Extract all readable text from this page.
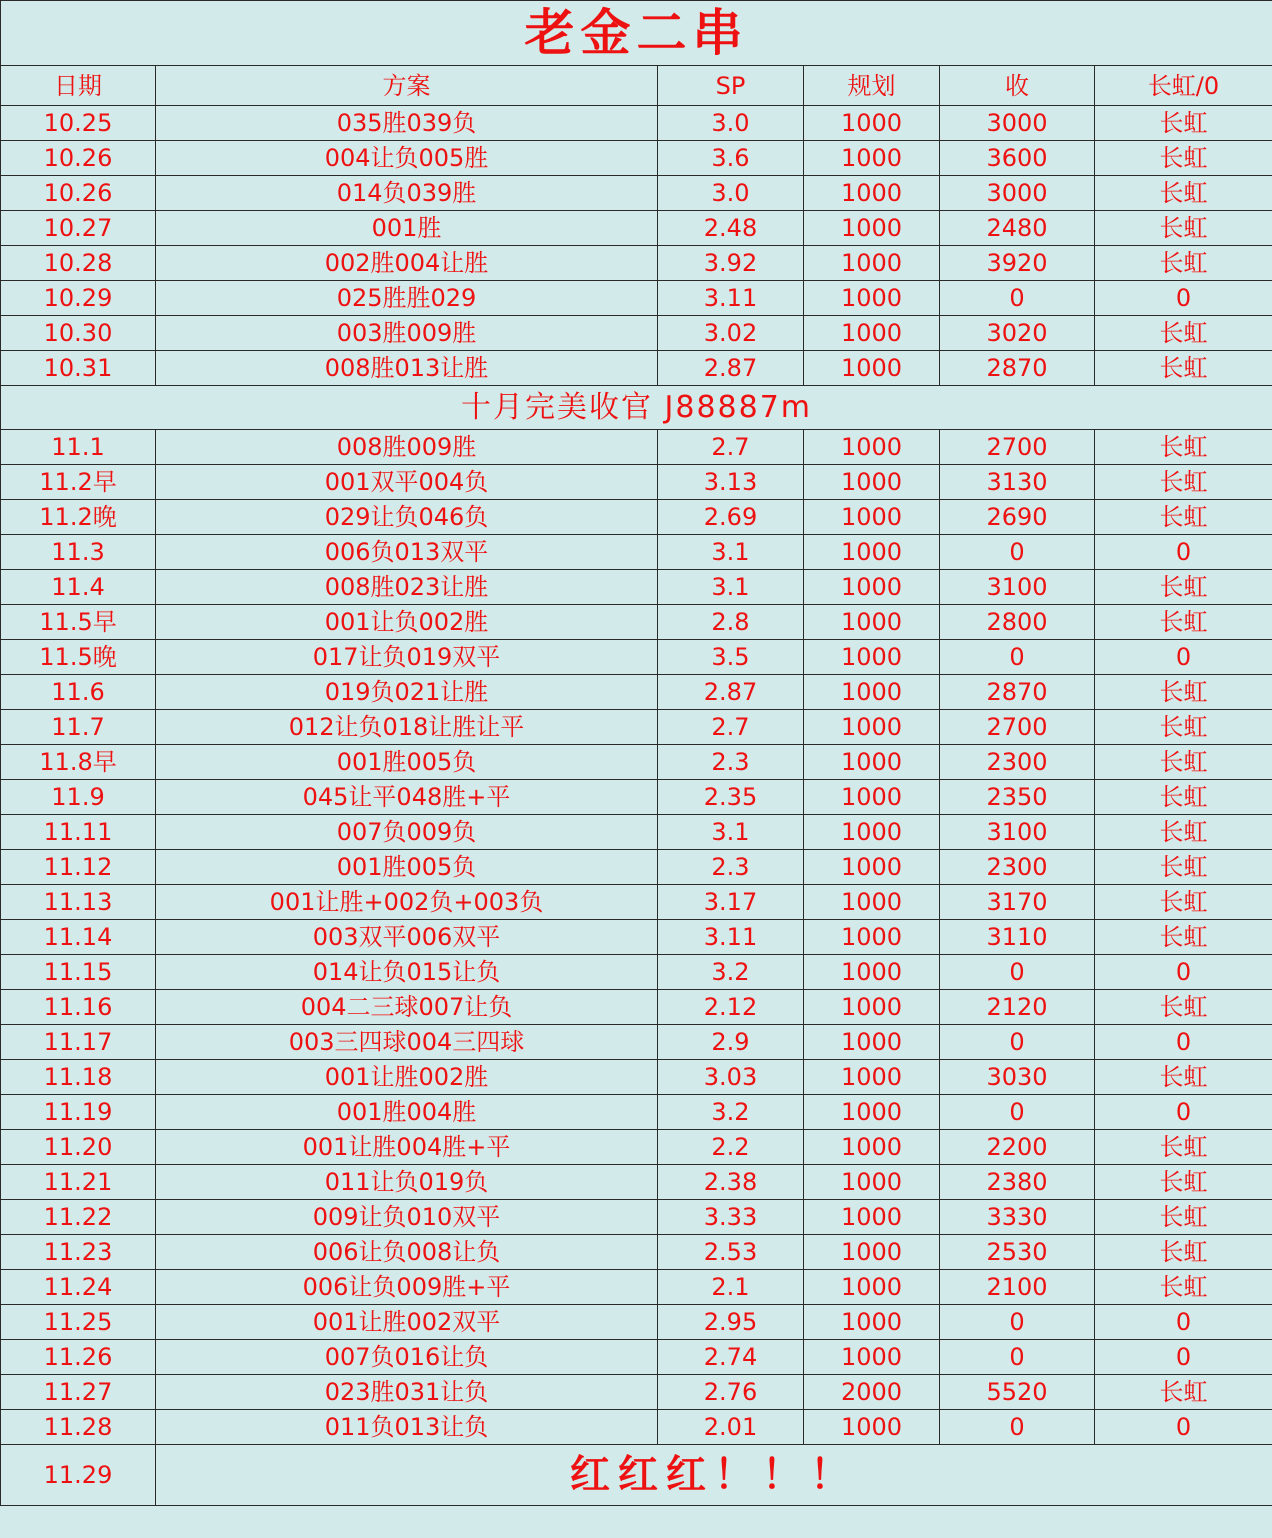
老金二串					
日期	方案	SP	规划	收	长虹/0
10.25	035胜039负	3.0	1000	3000	长虹
10.26	004让负005胜	3.6	1000	3600	长虹
10.26	014负039胜	3.0	1000	3000	长虹
10.27	001胜	2.48	1000	2480	长虹
10.28	002胜004让胜	3.92	1000	3920	长虹
10.29	025胜胜029	3.11	1000	0	0
10.30	003胜009胜	3.02	1000	3020	长虹
10.31	008胜013让胜	2.87	1000	2870	长虹
十月完美收官 J88887m					
11.1	008胜009胜	2.7	1000	2700	长虹
11.2早	001双平004负	3.13	1000	3130	长虹
11.2晚	029让负046负	2.69	1000	2690	长虹
11.3	006负013双平	3.1	1000	0	0
11.4	008胜023让胜	3.1	1000	3100	长虹
11.5早	001让负002胜	2.8	1000	2800	长虹
11.5晚	017让负019双平	3.5	1000	0	0
11.6	019负021让胜	2.87	1000	2870	长虹
11.7	012让负018让胜让平	2.7	1000	2700	长虹
11.8早	001胜005负	2.3	1000	2300	长虹
11.9	045让平048胜+平	2.35	1000	2350	长虹
11.11	007负009负	3.1	1000	3100	长虹
11.12	001胜005负	2.3	1000	2300	长虹
11.13	001让胜+002负+003负	3.17	1000	3170	长虹
11.14	003双平006双平	3.11	1000	3110	长虹
11.15	014让负015让负	3.2	1000	0	0
11.16	004二三球007让负	2.12	1000	2120	长虹
11.17	003三四球004三四球	2.9	1000	0	0
11.18	001让胜002胜	3.03	1000	3030	长虹
11.19	001胜004胜	3.2	1000	0	0
11.20	001让胜004胜+平	2.2	1000	2200	长虹
11.21	011让负019负	2.38	1000	2380	长虹
11.22	009让负010双平	3.33	1000	3330	长虹
11.23	006让负008让负	2.53	1000	2530	长虹
11.24	006让负009胜+平	2.1	1000	2100	长虹
11.25	001让胜002双平	2.95	1000	0	0
11.26	007负016让负	2.74	1000	0	0
11.27	023胜031让负	2.76	2000	5520	长虹
11.28	011负013让负	2.01	1000	0	0
11.29	红红红！！！				
